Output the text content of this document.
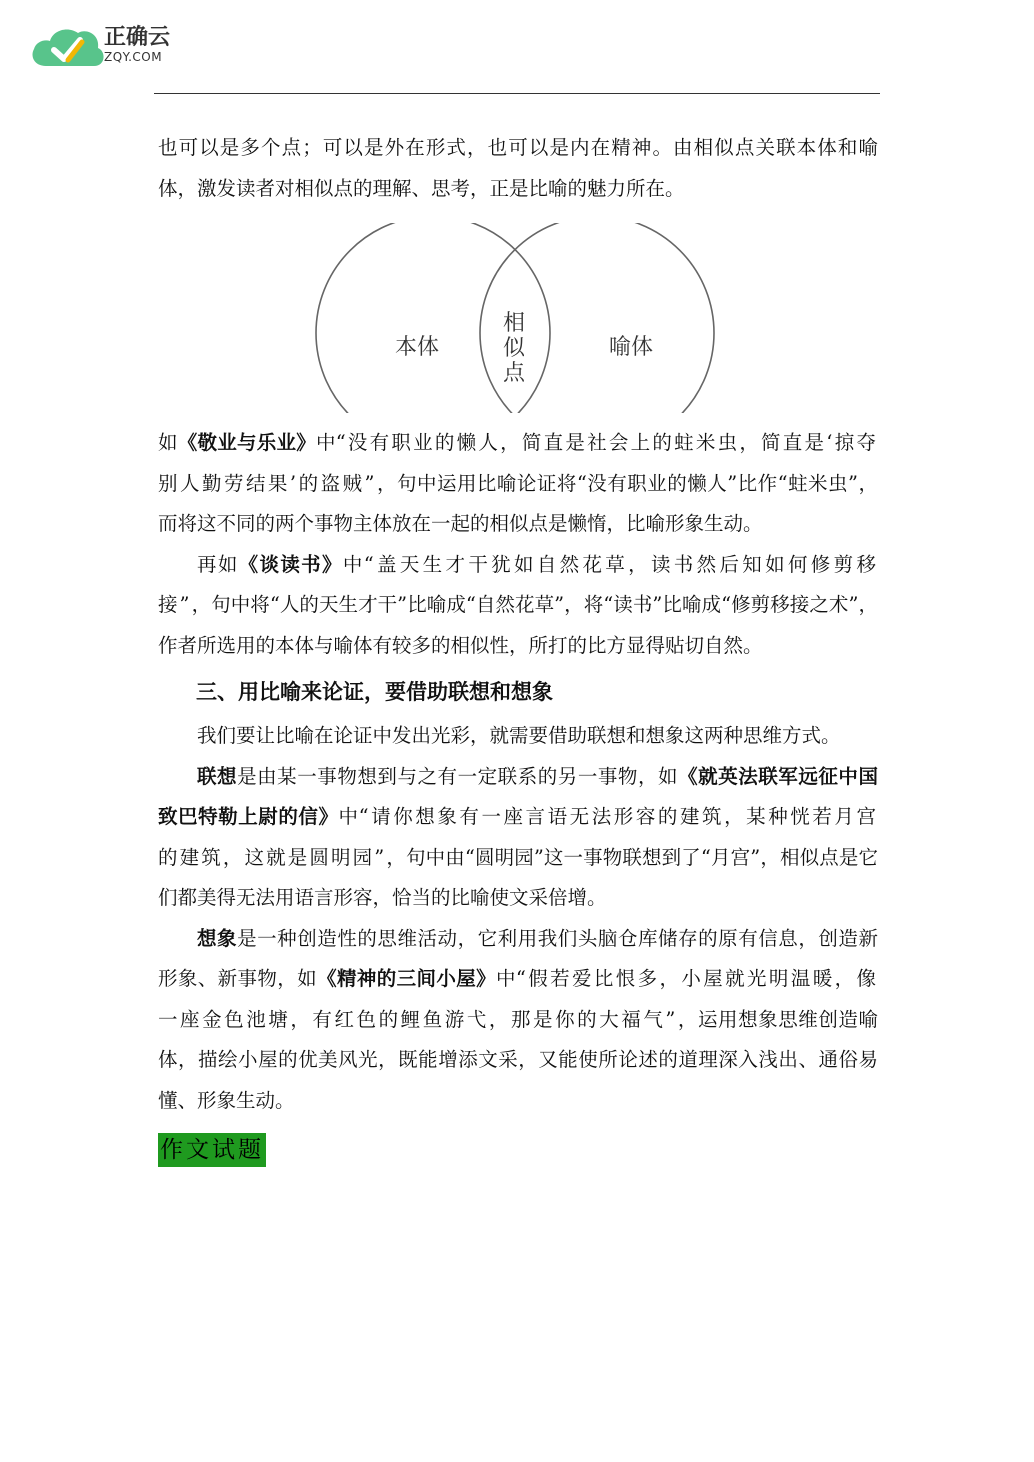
正确云
ZQY.COM

也可以是多个点；可以是外在形式，也可以是内在精神。由相似点关联本体和喻体，激发读者对相似点的理解、思考，正是比喻的魅力所在。

本体
相
似
点
喻体

如《敬业与乐业》中“没有职业的懒人，简直是社会上的蛀米虫，简直是‘掠夺别人勤劳结果’的盗贼”，句中运用比喻论证将“没有职业的懒人”比作“蛀米虫”，而将这不同的两个事物主体放在一起的相似点是懒惰，比喻形象生动。

再如《谈读书》中“盖天生才干犹如自然花草，读书然后知如何修剪移接”，句中将“人的天生才干”比喻成“自然花草”，将“读书”比喻成“修剪移接之术”，作者所选用的本体与喻体有较多的相似性，所打的比方显得贴切自然。

三、用比喻来论证，要借助联想和想象

我们要让比喻在论证中发出光彩，就需要借助联想和想象这两种思维方式。

联想是由某一事物想到与之有一定联系的另一事物，如《就英法联军远征中国致巴特勒上尉的信》中“请你想象有一座言语无法形容的建筑，某种恍若月宫的建筑，这就是圆明园”，句中由“圆明园”这一事物联想到了“月宫”，相似点是它们都美得无法用语言形容，恰当的比喻使文采倍增。

想象是一种创造性的思维活动，它利用我们头脑仓库储存的原有信息，创造新形象、新事物，如《精神的三间小屋》中“假若爱比恨多，小屋就光明温暖，像一座金色池塘，有红色的鲤鱼游弋，那是你的大福气”，运用想象思维创造喻体，描绘小屋的优美风光，既能增添文采，又能使所论述的道理深入浅出、通俗易懂、形象生动。

作文试题
